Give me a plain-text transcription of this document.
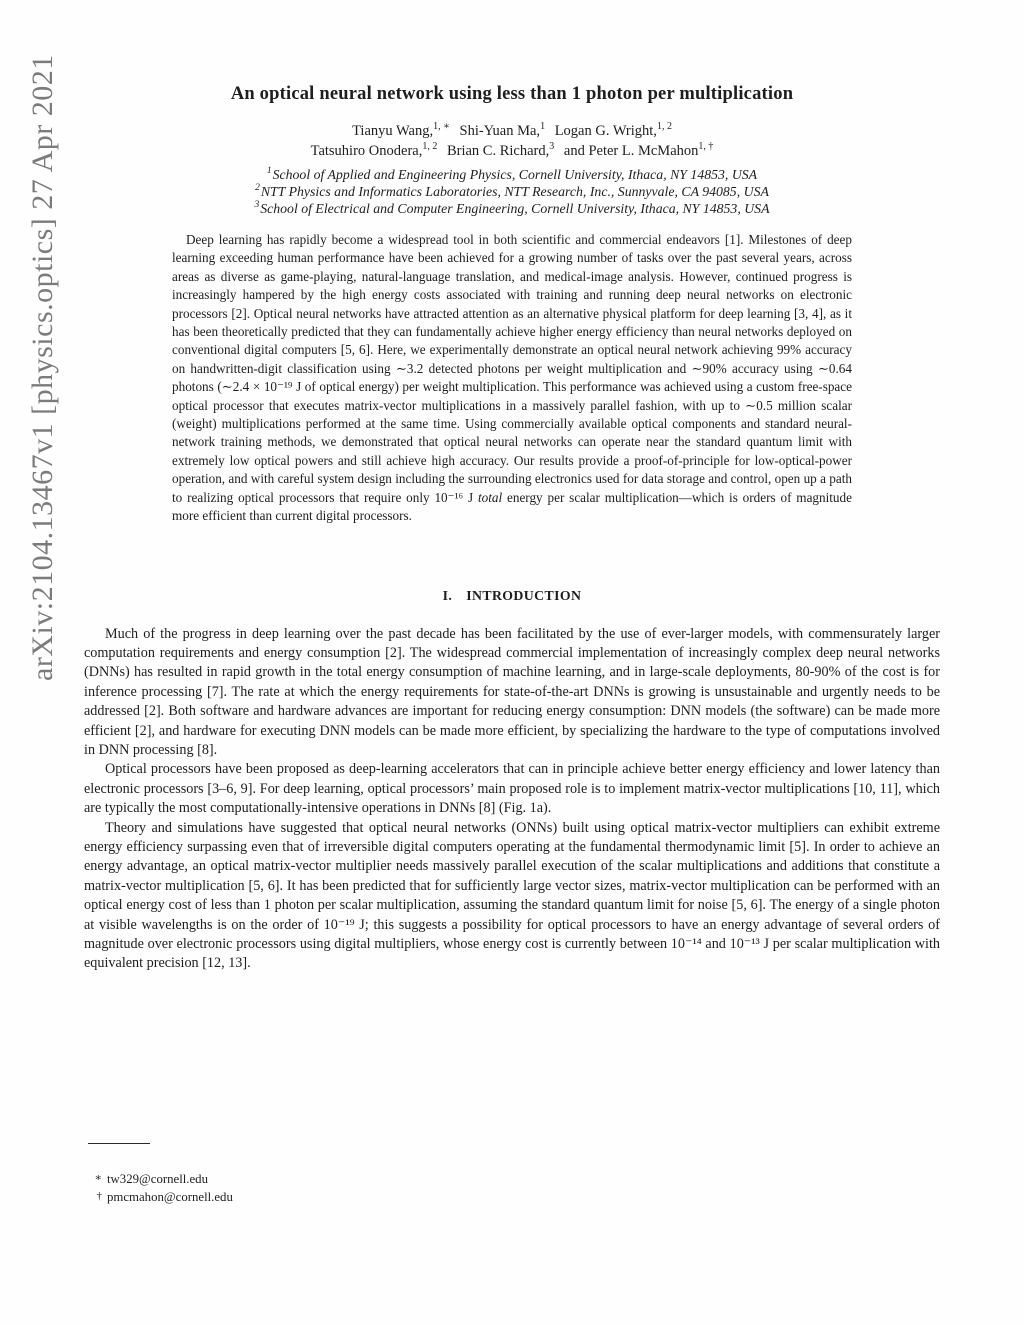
arXiv:2104.13467v1 [physics.optics] 27 Apr 2021	An optical neural network using less than 1 photon per multiplication
Tianyu Wang,$^{1, ∗}$ Shi-Yuan Ma,$^1$ Logan G. Wright,$^{1, 2}$
Tatsuhiro Onodera,$^{1, 2}$ Brian C. Richard,$^3$ and Peter L. McMahon$^{1, \dagger}$
$^1$School of Applied and Engineering Physics, Cornell University, Ithaca, NY 14853, USA
$^2$NTT Physics and Informatics Laboratories, NTT Research, Inc., Sunnyvale, CA 94085, USA
$^3$School of Electrical and Computer Engineering, Cornell University, Ithaca, NY 14853, USA
Deep learning has rapidly become a widespread tool in both scientific and commercial endeavors [1]. Milestones of deep learning exceeding human performance have been achieved for a growing number of tasks over the past several years, across areas as diverse as game-playing, natural-language translation, and medical-image analysis. However, continued progress is increasingly hampered by the high energy costs associated with training and running deep neural networks on electronic processors [2]. Optical neural networks have attracted attention as an alternative physical platform for deep learning [3, 4], as it has been theoretically predicted that they can fundamentally achieve higher energy efficiency than neural networks deployed on conventional digital computers [5, 6]. Here, we experimentally demonstrate an optical neural network achieving 99% accuracy on handwritten-digit classification using ∼3.2 detected photons per weight multiplication and ∼90% accuracy using ∼0.64 photons (∼2.4 × 10⁻¹⁹ J of optical energy) per weight multiplication. This performance was achieved using a custom free-space optical processor that executes matrix-vector multiplications in a massively parallel fashion, with up to ∼0.5 million scalar (weight) multiplications performed at the same time. Using commercially available optical components and standard neural-network training methods, we demonstrated that optical neural networks can operate near the standard quantum limit with extremely low optical powers and still achieve high accuracy. Our results provide a proof-of-principle for low-optical-power operation, and with careful system design including the surrounding electronics used for data storage and control, open up a path to realizing optical processors that require only 10⁻¹⁶ J total energy per scalar multiplication—which is orders of magnitude more efficient than current digital processors.
I. INTRODUCTION

Much of the progress in deep learning over the past decade has been facilitated by the use of ever-larger models, with commensurately larger computation requirements and energy consumption [2]. The widespread commercial implementation of increasingly complex deep neural networks (DNNs) has resulted in rapid growth in the total energy consumption of machine learning, and in large-scale deployments, 80-90% of the cost is for inference processing [7]. The rate at which the energy requirements for state-of-the-art DNNs is growing is unsustainable and urgently needs to be addressed [2]. Both software and hardware advances are important for reducing energy consumption: DNN models (the software) can be made more efficient [2], and hardware for executing DNN models can be made more efficient, by specializing the hardware to the type of computations involved in DNN processing [8].

Optical processors have been proposed as deep-learning accelerators that can in principle achieve better energy efficiency and lower latency than electronic processors [3–6, 9]. For deep learning, optical processors’ main proposed role is to implement matrix-vector multiplications [10, 11], which are typically the most computationally-intensive operations in DNNs [8] (Fig. 1a).

Theory and simulations have suggested that optical neural networks (ONNs) built using optical matrix-vector multipliers can exhibit extreme energy efficiency surpassing even that of irreversible digital computers operating at the fundamental thermodynamic limit [5]. In order to achieve an energy advantage, an optical matrix-vector multiplier needs massively parallel execution of the scalar multiplications and additions that constitute a matrix-vector multiplication [5, 6]. It has been predicted that for sufficiently large vector sizes, matrix-vector multiplication can be performed with an optical energy cost of less than 1 photon per scalar multiplication, assuming the standard quantum limit for noise [5, 6]. The energy of a single photon at visible wavelengths is on the order of 10⁻¹⁹ J; this suggests a possibility for optical processors to have an energy advantage of several orders of magnitude over electronic processors using digital multipliers, whose energy cost is currently between 10⁻¹⁴ and 10⁻¹³ J per scalar multiplication with equivalent precision [12, 13].

∗ tw329@cornell.edu
† pmcmahon@cornell.edu
